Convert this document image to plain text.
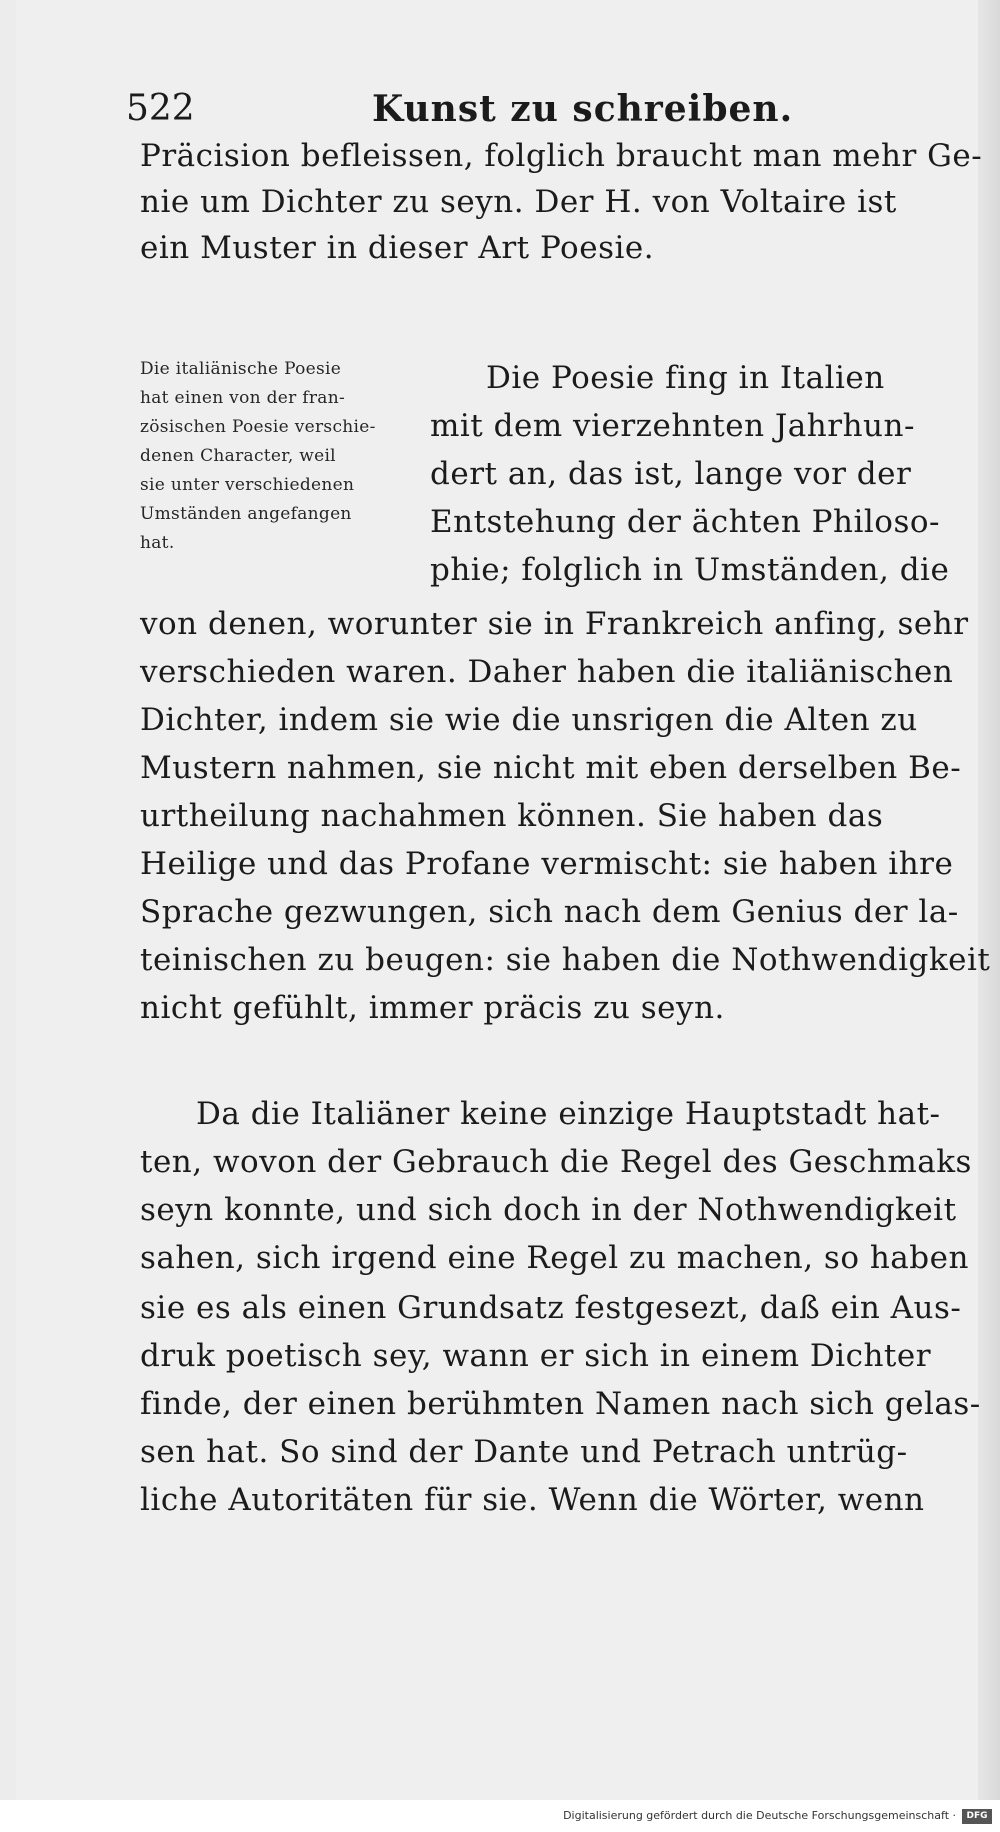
522	Kunst zu schreiben.
Präcision befleissen, folglich braucht man mehr Ge-
nie um Dichter zu seyn. Der H. von Voltaire ist
ein Muster in dieser Art Poesie.
Die italiänische Poesie
hat einen von der fran-
zösischen Poesie verschie-
denen Character, weil
sie unter verschiedenen
Umständen angefangen
hat.
Die Poesie fing in Italien
mit dem vierzehnten Jahrhun-
dert an, das ist, lange vor der
Entstehung der ächten Philoso-
phie; folglich in Umständen, die
von denen, worunter sie in Frankreich anfing, sehr
verschieden waren. Daher haben die italiänischen
Dichter, indem sie wie die unsrigen die Alten zu
Mustern nahmen, sie nicht mit eben derselben Be-
urtheilung nachahmen können. Sie haben das
Heilige und das Profane vermischt: sie haben ihre
Sprache gezwungen, sich nach dem Genius der la-
teinischen zu beugen: sie haben die Nothwendigkeit
nicht gefühlt, immer präcis zu seyn.
Da die Italiäner keine einzige Hauptstadt hat-
ten, wovon der Gebrauch die Regel des Geschmaks
seyn konnte, und sich doch in der Nothwendigkeit
sahen, sich irgend eine Regel zu machen, so haben
sie es als einen Grundsatz festgesezt, daß ein Aus-
druk poetisch sey, wann er sich in einem Dichter
finde, der einen berühmten Namen nach sich gelas-
sen hat. So sind der Dante und Petrach untrüg-
liche Autoritäten für sie. Wenn die Wörter, wenn
Digitalisierung gefördert durch die Deutsche Forschungsgemeinschaft ·	DFG
